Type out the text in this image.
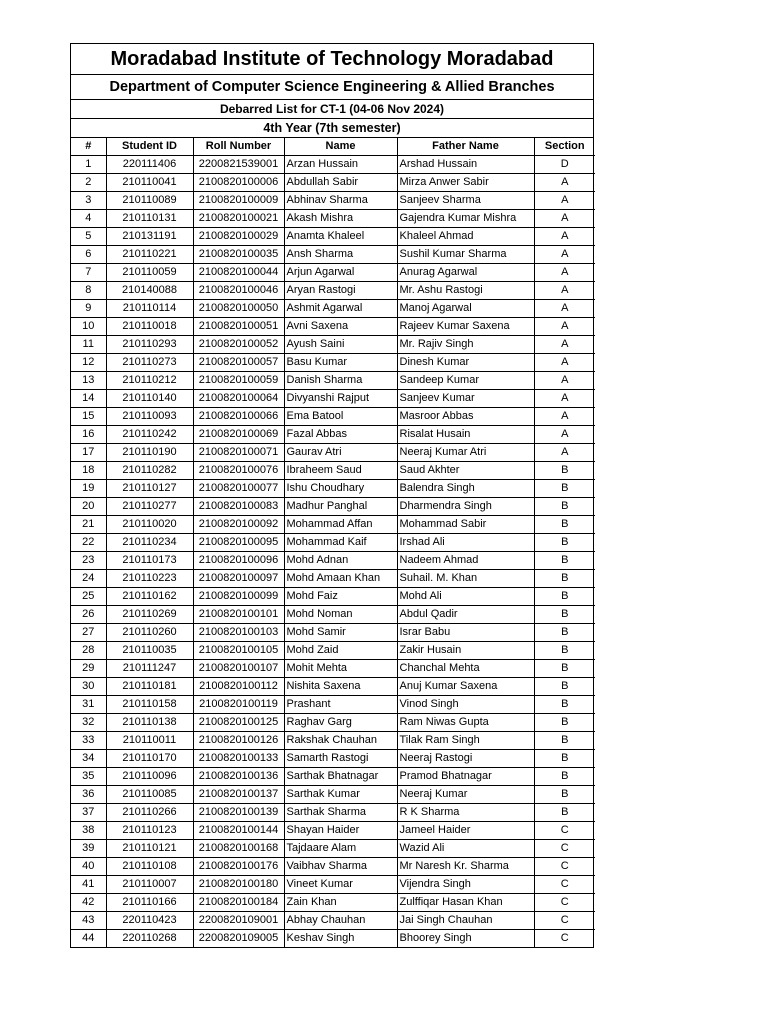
Moradabad Institute of Technology Moradabad
Department of Computer Science Engineering & Allied Branches
Debarred List for CT-1 (04-06 Nov 2024)
4th Year (7th semester)
#	Student ID	Roll Number	Name	Father Name	Section
1	220111406	2200821539001	Arzan Hussain	Arshad Hussain	D
2	210110041	2100820100006	Abdullah Sabir	Mirza Anwer Sabir	A
3	210110089	2100820100009	Abhinav Sharma	Sanjeev Sharma	A
4	210110131	2100820100021	Akash Mishra	Gajendra Kumar Mishra	A
5	210131191	2100820100029	Anamta Khaleel	Khaleel Ahmad	A
6	210110221	2100820100035	Ansh Sharma	Sushil Kumar Sharma	A
7	210110059	2100820100044	Arjun Agarwal	Anurag Agarwal	A
8	210140088	2100820100046	Aryan Rastogi	Mr. Ashu Rastogi	A
9	210110114	2100820100050	Ashmit Agarwal	Manoj Agarwal	A
10	210110018	2100820100051	Avni Saxena	Rajeev Kumar Saxena	A
11	210110293	2100820100052	Ayush Saini	Mr. Rajiv Singh	A
12	210110273	2100820100057	Basu Kumar	Dinesh Kumar	A
13	210110212	2100820100059	Danish Sharma	Sandeep Kumar	A
14	210110140	2100820100064	Divyanshi Rajput	Sanjeev Kumar	A
15	210110093	2100820100066	Ema Batool	Masroor Abbas	A
16	210110242	2100820100069	Fazal Abbas	Risalat Husain	A
17	210110190	2100820100071	Gaurav Atri	Neeraj Kumar Atri	A
18	210110282	2100820100076	Ibraheem Saud	Saud Akhter	B
19	210110127	2100820100077	Ishu Choudhary	Balendra Singh	B
20	210110277	2100820100083	Madhur Panghal	Dharmendra Singh	B
21	210110020	2100820100092	Mohammad Affan	Mohammad Sabir	B
22	210110234	2100820100095	Mohammad Kaif	Irshad Ali	B
23	210110173	2100820100096	Mohd Adnan	Nadeem Ahmad	B
24	210110223	2100820100097	Mohd Amaan Khan	Suhail. M. Khan	B
25	210110162	2100820100099	Mohd Faiz	Mohd Ali	B
26	210110269	2100820100101	Mohd Noman	Abdul Qadir	B
27	210110260	2100820100103	Mohd Samir	Israr Babu	B
28	210110035	2100820100105	Mohd Zaid	Zakir Husain	B
29	210111247	2100820100107	Mohit Mehta	Chanchal Mehta	B
30	210110181	2100820100112	Nishita Saxena	Anuj Kumar Saxena	B
31	210110158	2100820100119	Prashant	Vinod Singh	B
32	210110138	2100820100125	Raghav Garg	Ram Niwas Gupta	B
33	210110011	2100820100126	Rakshak Chauhan	Tilak Ram Singh	B
34	210110170	2100820100133	Samarth Rastogi	Neeraj Rastogi	B
35	210110096	2100820100136	Sarthak Bhatnagar	Pramod Bhatnagar	B
36	210110085	2100820100137	Sarthak Kumar	Neeraj Kumar	B
37	210110266	2100820100139	Sarthak Sharma	R K Sharma	B
38	210110123	2100820100144	Shayan Haider	Jameel Haider	C
39	210110121	2100820100168	Tajdaare Alam	Wazid Ali	C
40	210110108	2100820100176	Vaibhav Sharma	Mr Naresh Kr. Sharma	C
41	210110007	2100820100180	Vineet Kumar	Vijendra Singh	C
42	210110166	2100820100184	Zain Khan	Zulffiqar Hasan Khan	C
43	220110423	2200820109001	Abhay Chauhan	Jai Singh Chauhan	C
44	220110268	2200820109005	Keshav Singh	Bhoorey Singh	C
